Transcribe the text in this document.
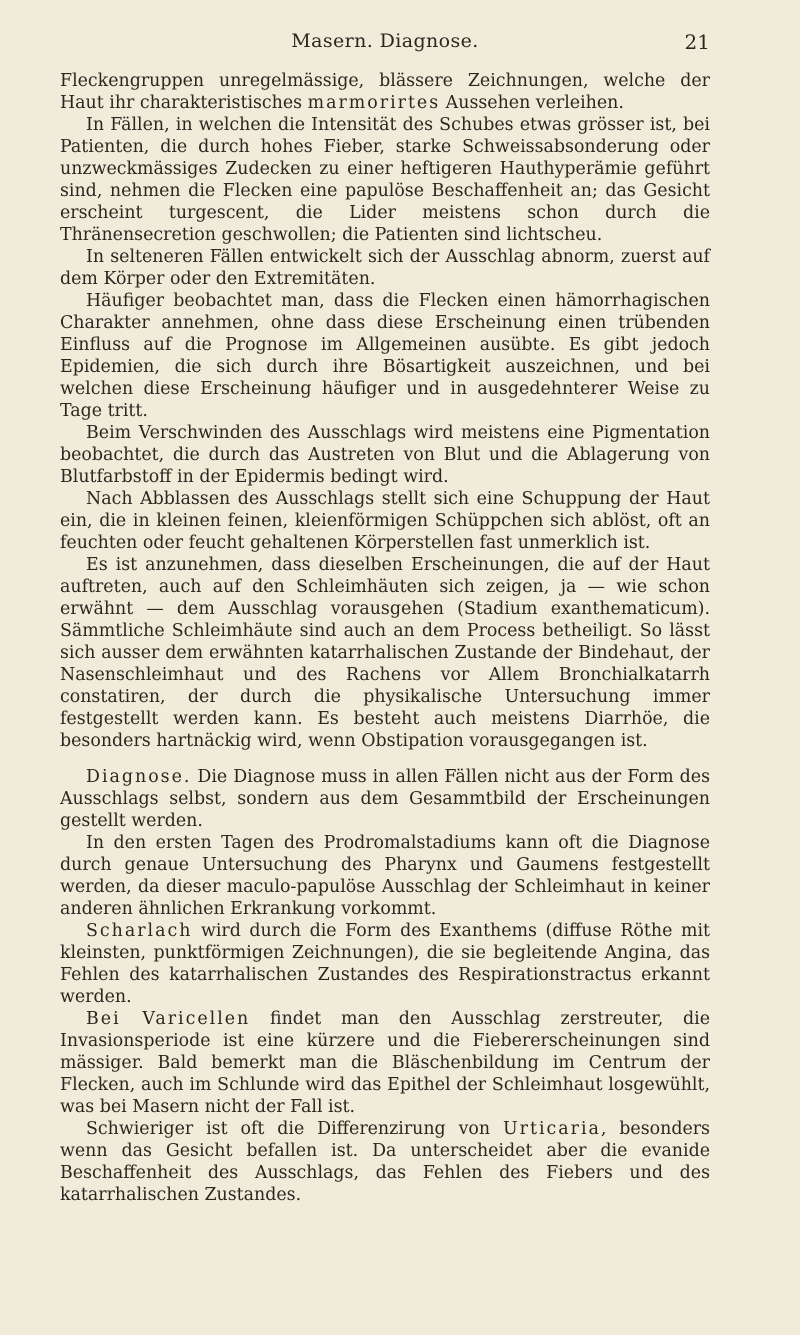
Masern. Diagnose.	21

Fleckengruppen unregelmässige, blässere Zeichnungen, welche der Haut ihr charakteristisches marmorirtes Aussehen verleihen.

In Fällen, in welchen die Intensität des Schubes etwas grösser ist, bei Patienten, die durch hohes Fieber, starke Schweissabsonderung oder unzweckmässiges Zudecken zu einer heftigeren Hauthyperämie geführt sind, nehmen die Flecken eine papulöse Beschaffenheit an; das Gesicht erscheint turgescent, die Lider meistens schon durch die Thränensecretion geschwollen; die Patienten sind lichtscheu.

In selteneren Fällen entwickelt sich der Ausschlag abnorm, zuerst auf dem Körper oder den Extremitäten.

Häufiger beobachtet man, dass die Flecken einen hämorrhagischen Charakter annehmen, ohne dass diese Erscheinung einen trübenden Einfluss auf die Prognose im Allgemeinen ausübte. Es gibt jedoch Epidemien, die sich durch ihre Bösartigkeit auszeichnen, und bei welchen diese Erscheinung häufiger und in ausgedehnterer Weise zu Tage tritt.

Beim Verschwinden des Ausschlags wird meistens eine Pigmentation beobachtet, die durch das Austreten von Blut und die Ablagerung von Blutfarbstoff in der Epidermis bedingt wird.

Nach Abblassen des Ausschlags stellt sich eine Schuppung der Haut ein, die in kleinen feinen, kleienförmigen Schüppchen sich ablöst, oft an feuchten oder feucht gehaltenen Körperstellen fast unmerklich ist.

Es ist anzunehmen, dass dieselben Erscheinungen, die auf der Haut auftreten, auch auf den Schleimhäuten sich zeigen, ja — wie schon erwähnt — dem Ausschlag vorausgehen (Stadium exanthematicum). Sämmtliche Schleimhäute sind auch an dem Process betheiligt. So lässt sich ausser dem erwähnten katarrhalischen Zustande der Bindehaut, der Nasenschleimhaut und des Rachens vor Allem Bronchialkatarrh constatiren, der durch die physikalische Untersuchung immer festgestellt werden kann. Es besteht auch meistens Diarrhöe, die besonders hartnäckig wird, wenn Obstipation vorausgegangen ist.

Diagnose. Die Diagnose muss in allen Fällen nicht aus der Form des Ausschlags selbst, sondern aus dem Gesammtbild der Erscheinungen gestellt werden.

In den ersten Tagen des Prodromalstadiums kann oft die Diagnose durch genaue Untersuchung des Pharynx und Gaumens festgestellt werden, da dieser maculo-papulöse Ausschlag der Schleimhaut in keiner anderen ähnlichen Erkrankung vorkommt.

Scharlach wird durch die Form des Exanthems (diffuse Röthe mit kleinsten, punktförmigen Zeichnungen), die sie begleitende Angina, das Fehlen des katarrhalischen Zustandes des Respirationstractus erkannt werden.

Bei Varicellen findet man den Ausschlag zerstreuter, die Invasionsperiode ist eine kürzere und die Fiebererscheinungen sind mässiger. Bald bemerkt man die Bläschenbildung im Centrum der Flecken, auch im Schlunde wird das Epithel der Schleimhaut losgewühlt, was bei Masern nicht der Fall ist.

Schwieriger ist oft die Differenzirung von Urticaria, besonders wenn das Gesicht befallen ist. Da unterscheidet aber die evanide Beschaffenheit des Ausschlags, das Fehlen des Fiebers und des katarrhalischen Zustandes.
